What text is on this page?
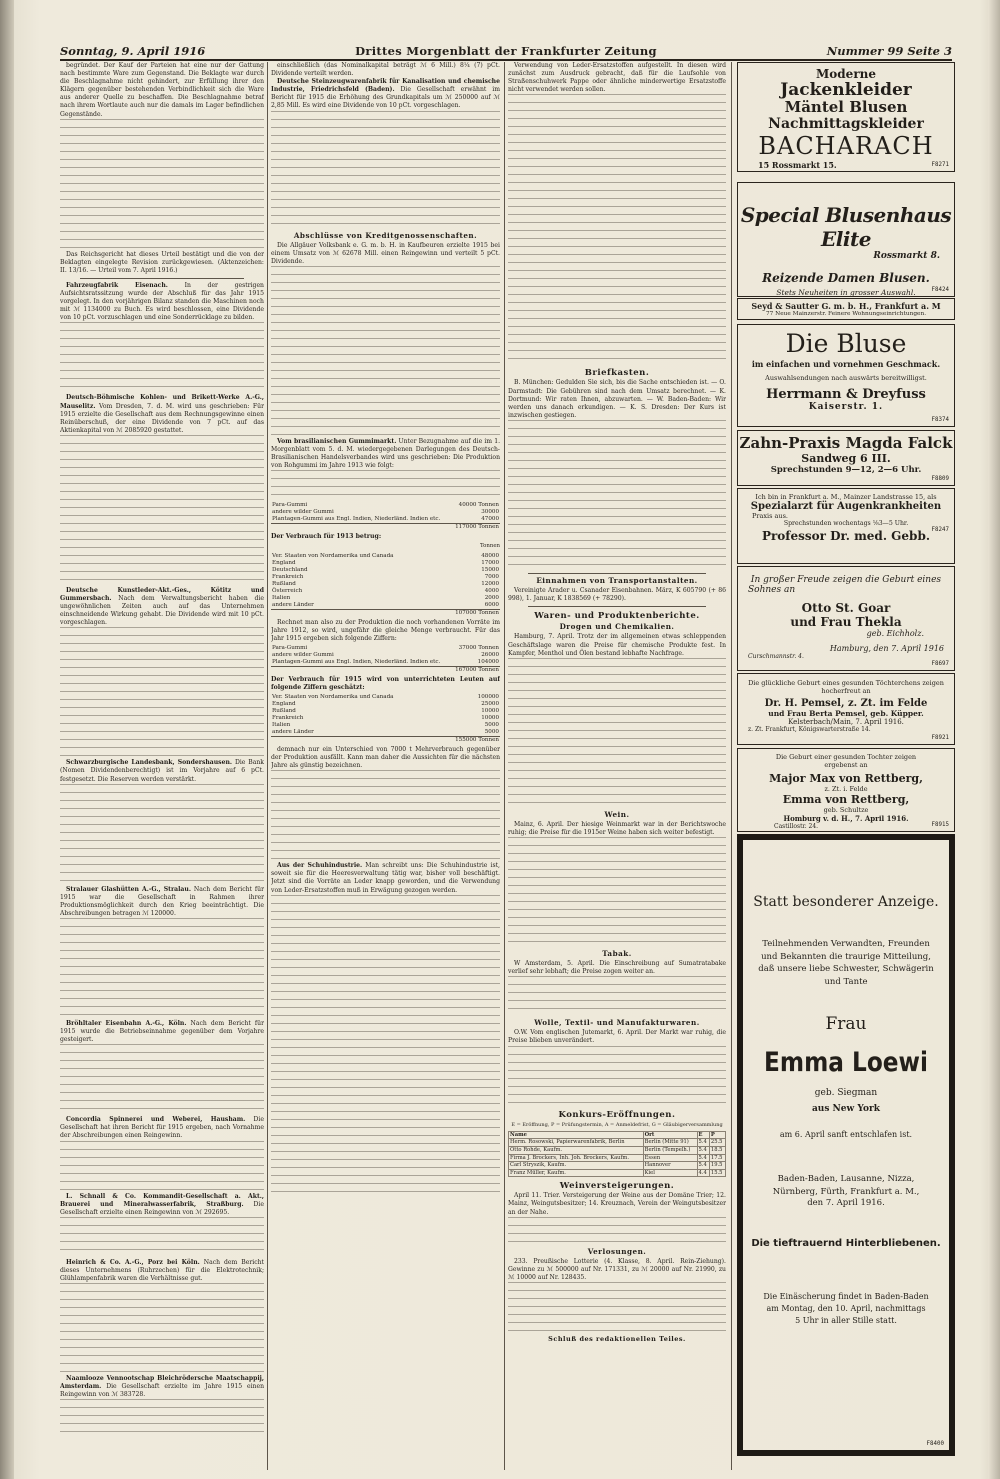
Sonntag, 9. April 1916	Drittes Morgenblatt der Frankfurter Zeitung	Nummer 99 Seite 3

begründet. Der Kauf der Parteien hat eine nur der Gattung nach bestimmte Ware zum Gegenstand. Die Beklagte war durch die Beschlagnahme nicht gehindert, zur Erfüllung ihrer den Klägern gegenüber bestehenden Verbindlichkeit sich die Ware aus anderer Quelle zu beschaffen. Die Beschlagnahme betraf nach ihrem Wortlaute auch nur die damals im Lager befindlichen Gegenstände.

Das Reichsgericht hat dieses Urteil bestätigt und die von der Beklagten eingelegte Revision zurückgewiesen. (Aktenzeichen: II. 13/16. — Urteil vom 7. April 1916.)

Fahrzeugfabrik Eisenach.	In der gestrigen Aufsichtsratssitzung wurde der Abschluß für das Jahr 1915 vorgelegt. In den vorjährigen Bilanz standen die Maschinen noch mit ℳ 1134000 zu Buch. Es wird beschlossen, eine Dividende von 10 pCt. vorzuschlagen und eine Sonderrücklage zu bilden.

Deutsch-Böhmische Kohlen- und Brikett-Werke A.-G., Mauselitz. Vom Dresden, 7. d. M. wird uns geschrieben: Für 1915 erzielte die Gesellschaft aus dem Rechnungsgewinne einen Reinüberschuß, der eine Dividende von 7 pCt. auf das Aktienkapital von ℳ 2085920 gestattet.

Deutsche Kunstleder-Akt.-Ges., Kötitz und Gummersbach. Nach dem Verwaltungsbericht haben die ungewöhnlichen Zeiten auch auf das Unternehmen einschneidende Wirkung gehabt. Die Dividende wird mit 10 pCt. vorgeschlagen.

Schwarzburgische Landesbank, Sondershausen. Die Bank (Nomen Dividendenberechtigt) ist im Vorjahre auf 6 pCt. festgesetzt. Die Reserven werden verstärkt.

Stralauer Glashütten A.-G., Stralau. Nach dem Bericht für 1915 war die Gesellschaft in Rahmen ihrer Produktionsmöglichkeit durch den Krieg beeinträchtigt. Die Abschreibungen betragen ℳ 120000.

Bröhltaler Eisenbahn A.-G., Köln. Nach dem Bericht für 1915 wurde die Betriebseinnahme gegenüber dem Vorjahre gesteigert.

Concordia Spinnerei und Weberei, Hausham. Die Gesellschaft hat ihren Bericht für 1915 ergeben, nach Vornahme der Abschreibungen einen Reingewinn.

L. Schnall & Co. Kommandit-Gesellschaft a. Akt., Brauerei und Mineralwasserfabrik, Straßburg. Die Gesellschaft erzielte einen Reingewinn von ℳ 292695.

Heinrich & Co. A.-G., Porz bei Köln. Nach dem Bericht dieses Unternehmens (Ruhrzechen) für die Elektrotechnik; Glühlampenfabrik waren die Verhältnisse gut.

Naamlooze Vennootschap Bleichrödersche Maatschappij, Amsterdam. Die Gesellschaft erzielte im Jahre 1915 einen Reingewinn von ℳ 383728.

einschließlich (das Nominalkapital beträgt ℳ 6 Mill.) 8¼ (7) pCt. Dividende verteilt werden.

Deutsche Steinzeugwarenfabrik für Kanalisation und chemische Industrie, Friedrichsfeld (Baden). Die Gesellschaft erwähnt im Bericht für 1915 die Erhöhung des Grundkapitals um ℳ 250000 auf ℳ 2,85 Mill. Es wird eine Dividende von 10 pCt. vorgeschlagen.

Abschlüsse von Kreditgenossenschaften.

Die Allgäuer Volksbank e. G. m. b. H. in Kaufbeuren erzielte 1915 bei einem Umsatz von ℳ 62678 Mill. einen Reingewinn und verteilt 5 pCt. Dividende.

Vom brasilianischen Gummimarkt. Unter Bezugnahme auf die im 1. Morgenblatt vom 5. d. M. wiedergegebenen Darlegungen des Deutsch-Brasilianischen Handelsverbandes wird uns geschrieben: Die Produktion von Rohgummi im Jahre 1913 wie folgt:

Para-Gummi	40000 Tonnen
andere wilder Gummi	30000
Plantagen-Gummi aus Engl. Indien, Niederländ. Indien etc.	47000
	117000 Tonnen
Der Verbrauch für 1913 betrug:
Tonnen
Ver. Staaten von Nordamerika und Canada	48000
England	17000
Deutschland	15000
Frankreich	7000
Rußland	12000
Österreich	4000
Italien	2000
andere Länder	6000
	107000 Tonnen

Rechnet man also zu der Produktion die noch vorhandenen Vorräte im Jahre 1912, so wird, ungefähr die gleiche Menge verbraucht. Für das Jahr 1915 ergeben sich folgende Ziffern:

Para-Gummi	37000 Tonnen
andere wilder Gummi	26000
Plantagen-Gummi aus Engl. Indien, Niederländ. Indien etc.	104000
	167000 Tonnen
Der Verbrauch für 1915 wird von unterrichteten Leuten auf folgende Ziffern geschätzt:
Ver. Staaten von Nordamerika und Canada	100000
England	25000
Rußland	10000
Frankreich	10000
Italien	5000
andere Länder	5000
	155000 Tonnen

demnach nur ein Unterschied von 7000 t Mehrverbrauch gegenüber der Produktion ausfällt. Kann man daher die Aussichten für die nächsten Jahre als günstig bezeichnen.

Aus der Schuhindustrie. Man schreibt uns: Die Schuhindustrie ist, soweit sie für die Heeresverwaltung tätig war, bisher voll beschäftigt. Jetzt sind die Vorräte an Leder knapp geworden, und die Verwendung von Leder-Ersatzstoffen muß in Erwägung gezogen werden.

Verwendung von Leder-Ersatzstoffen aufgestellt. In diesen wird zunächst zum Ausdruck gebracht, daß für die Laufsohle von Straßenschuhwerk Pappe oder ähnliche minderwertige Ersatzstoffe nicht verwendet werden sollen.

Briefkasten.

B. München: Gedulden Sie sich, bis die Sache entschieden ist. — O. Darmstadt: Die Gebühren sind nach dem Umsatz berechnet. — K. Dortmund: Wir raten Ihnen, abzuwarten. — W. Baden-Baden: Wir werden uns danach erkundigen. — K. S. Dresden: Der Kurs ist inzwischen gestiegen.

Einnahmen von Transportanstalten.

Vereinigte Arader u. Csanader Eisenbahnen. März, K 605790 (+ 86 998), 1. Januar, K 1838569 (+ 78290).

Waren- und Produktenberichte.
Drogen und Chemikalien.

Hamburg, 7. April. Trotz der im allgemeinen etwas schleppenden Geschäftslage waren die Preise für chemische Produkte fest. In Kampfer, Menthol und Ölen bestand lebhafte Nachfrage.

Wein.

Mainz, 6. April. Der hiesige Weinmarkt war in der Berichtswoche ruhig; die Preise für die 1915er Weine haben sich weiter befestigt.

Tabak.

W Amsterdam, 5. April. Die Einschreibung auf Sumatratabake verlief sehr lebhaft; die Preise zogen weiter an.

Wolle, Textil- und Manufakturwaren.

O.W. Vom englischen Jutemarkt, 6. April. Der Markt war ruhig, die Preise blieben unverändert.

Konkurs-Eröffnungen.
E = Eröffnung, P = Prüfungstermin, A = Anmeldefrist, G = Gläubigerversammlung
Name	Ort	E	P
Herm. Rosowski, Papierwarenfabrik, Berlin	Berlin (Mitte 91)	5.4	25.5
Otto Rohde, Kaufm.	Berlin (Tempelh.)	5.4	18.5
Firma J. Brockers, Inh. Joh. Brockers, Kaufm.	Essen	5.4	17.5
Carl Stryszik, Kaufm.	Hannover	5.4	19.5
Franz Müller, Kaufm.	Kiel	4.4	15.5
Weinversteigerungen.

April 11. Trier. Versteigerung der Weine aus der Domäne Trier; 12. Mainz, Weingutsbesitzer; 14. Kreuznach, Verein der Weingutsbesitzer an der Nahe.

Verlosungen.

233. Preußische Lotterie (4. Klasse, 8. April. Rein-Ziehung). Gewinne zu ℳ 500000 auf Nr. 171331, zu ℳ 20000 auf Nr. 21990, zu ℳ 10000 auf Nr. 128435.

Schluß des redaktionellen Teiles.
Moderne
Jackenkleider
Mäntel Blusen
Nachmittagskleider
BACHARACH
15 Rossmarkt 15.	F8271
Special Blusenhaus Elite
Rossmarkt 8.
Reizende Damen Blusen.
Stets Neuheiten in grosser Auswahl.	F8424
Seyd & Sautter G. m. b. H., Frankfurt a. M
77 Neue Mainzerstr. Feinere Wohnungseinrichtungen.
Die Bluse
im einfachen und vornehmen Geschmack.
Auswahlsendungen nach auswärts bereitwilligst.
Herrmann & Dreyfuss
Kaiserstr. 1.
F8374
Zahn-Praxis Magda Falck
Sandweg 6 III.
Sprechstunden 9—12, 2—6 Uhr.
F8809
Ich bin in Frankfurt a. M., Mainzer Landstrasse 15, als
Spezialarzt für Augenkrankheiten
Praxis aus.
Sprechstunden wochentags ⅛3—5 Uhr.
Professor Dr. med. Gebb. F8247
In großer Freude zeigen die Geburt eines
Sohnes an
Otto St. Goar
und Frau Thekla
geb. Eichholz.
Hamburg, den 7. April 1916
Curschmannstr. 4.
F8697
Die glückliche Geburt eines gesunden Töchterchens zeigen hocherfreut an
Dr. H. Pemsel, z. Zt. im Felde
und Frau Berta Pemsel, geb. Küpper.
Kelsterbach/Main, 7. April 1916.
z. Zt. Frankfurt, Königswarterstraße 14.
F8921
Die Geburt einer gesunden Tochter zeigen ergebenst an
Major Max von Rettberg,
z. Zt. i. Felde
Emma von Rettberg,
geb. Schultze
Homburg v. d. H., 7. April 1916.
Castillostr. 24.	F8915
Statt besonderer Anzeige.
Teilnehmenden Verwandten, Freunden
und Bekannten die traurige Mitteilung,
daß unsere liebe Schwester, Schwägerin
und Tante
Frau
Emma Loewi
geb. Siegman
aus New York
am 6. April sanft entschlafen ist.
Baden-Baden, Lausanne, Nizza, Nürnberg, Fürth, Frankfurt a. M.,
den 7. April 1916.
Die tieftrauernd Hinterbliebenen.
Die Einäscherung findet in Baden-Baden am Montag, den 10. April, nachmittags 5 Uhr in aller Stille statt.
F8400
